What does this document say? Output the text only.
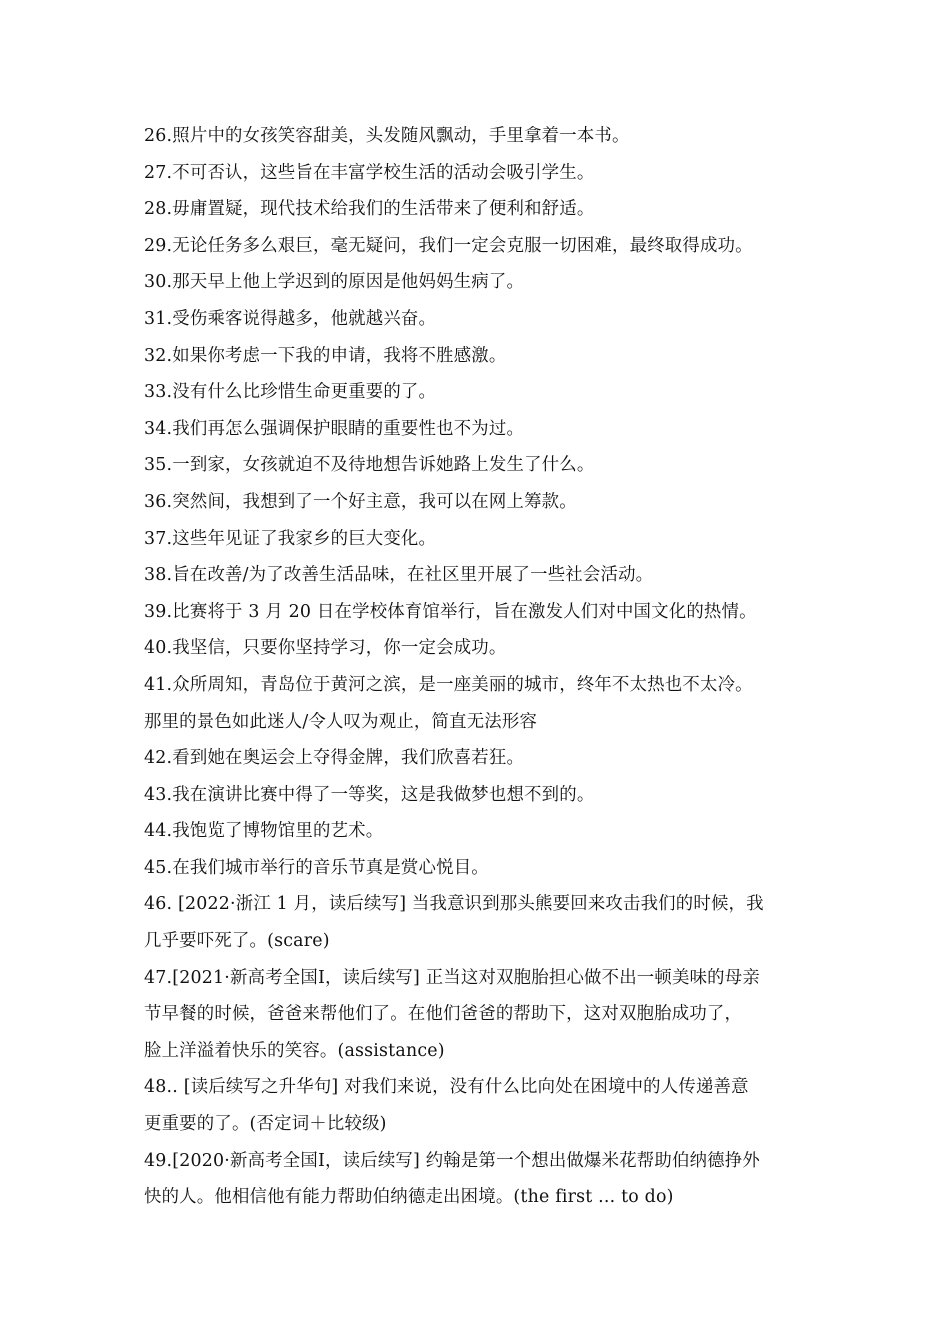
26.照片中的女孩笑容甜美，头发随风飘动，手里拿着一本书。
27.不可否认，这些旨在丰富学校生活的活动会吸引学生。
28.毋庸置疑，现代技术给我们的生活带来了便利和舒适。
29.无论任务多么艰巨，毫无疑问，我们一定会克服一切困难，最终取得成功。
30.那天早上他上学迟到的原因是他妈妈生病了。
31.受伤乘客说得越多，他就越兴奋。
32.如果你考虑一下我的申请，我将不胜感激。
33.没有什么比珍惜生命更重要的了。
34.我们再怎么强调保护眼睛的重要性也不为过。
35.一到家，女孩就迫不及待地想告诉她路上发生了什么。
36.突然间，我想到了一个好主意，我可以在网上筹款。
37.这些年见证了我家乡的巨大变化。
38.旨在改善/为了改善生活品味，在社区里开展了一些社会活动。
39.比赛将于 3 月 20 日在学校体育馆举行，旨在激发人们对中国文化的热情。
40.我坚信，只要你坚持学习，你一定会成功。
41.众所周知，青岛位于黄河之滨，是一座美丽的城市，终年不太热也不太冷。
那里的景色如此迷人/令人叹为观止，简直无法形容
42.看到她在奥运会上夺得金牌，我们欣喜若狂。
43.我在演讲比赛中得了一等奖，这是我做梦也想不到的。
44.我饱览了博物馆里的艺术。
45.在我们城市举行的音乐节真是赏心悦目。
46. [2022·浙江 1 月，读后续写] 当我意识到那头熊要回来攻击我们的时候，我
几乎要吓死了。(scare)
47.[2021·新高考全国Ⅰ，读后续写] 正当这对双胞胎担心做不出一顿美味的母亲
节早餐的时候，爸爸来帮他们了。在他们爸爸的帮助下，这对双胞胎成功了，
脸上洋溢着快乐的笑容。(assistance)
48.. [读后续写之升华句] 对我们来说，没有什么比向处在困境中的人传递善意
更重要的了。(否定词＋比较级)
49.[2020·新高考全国Ⅰ，读后续写] 约翰是第一个想出做爆米花帮助伯纳德挣外
快的人。他相信他有能力帮助伯纳德走出困境。(the first ... to do)
